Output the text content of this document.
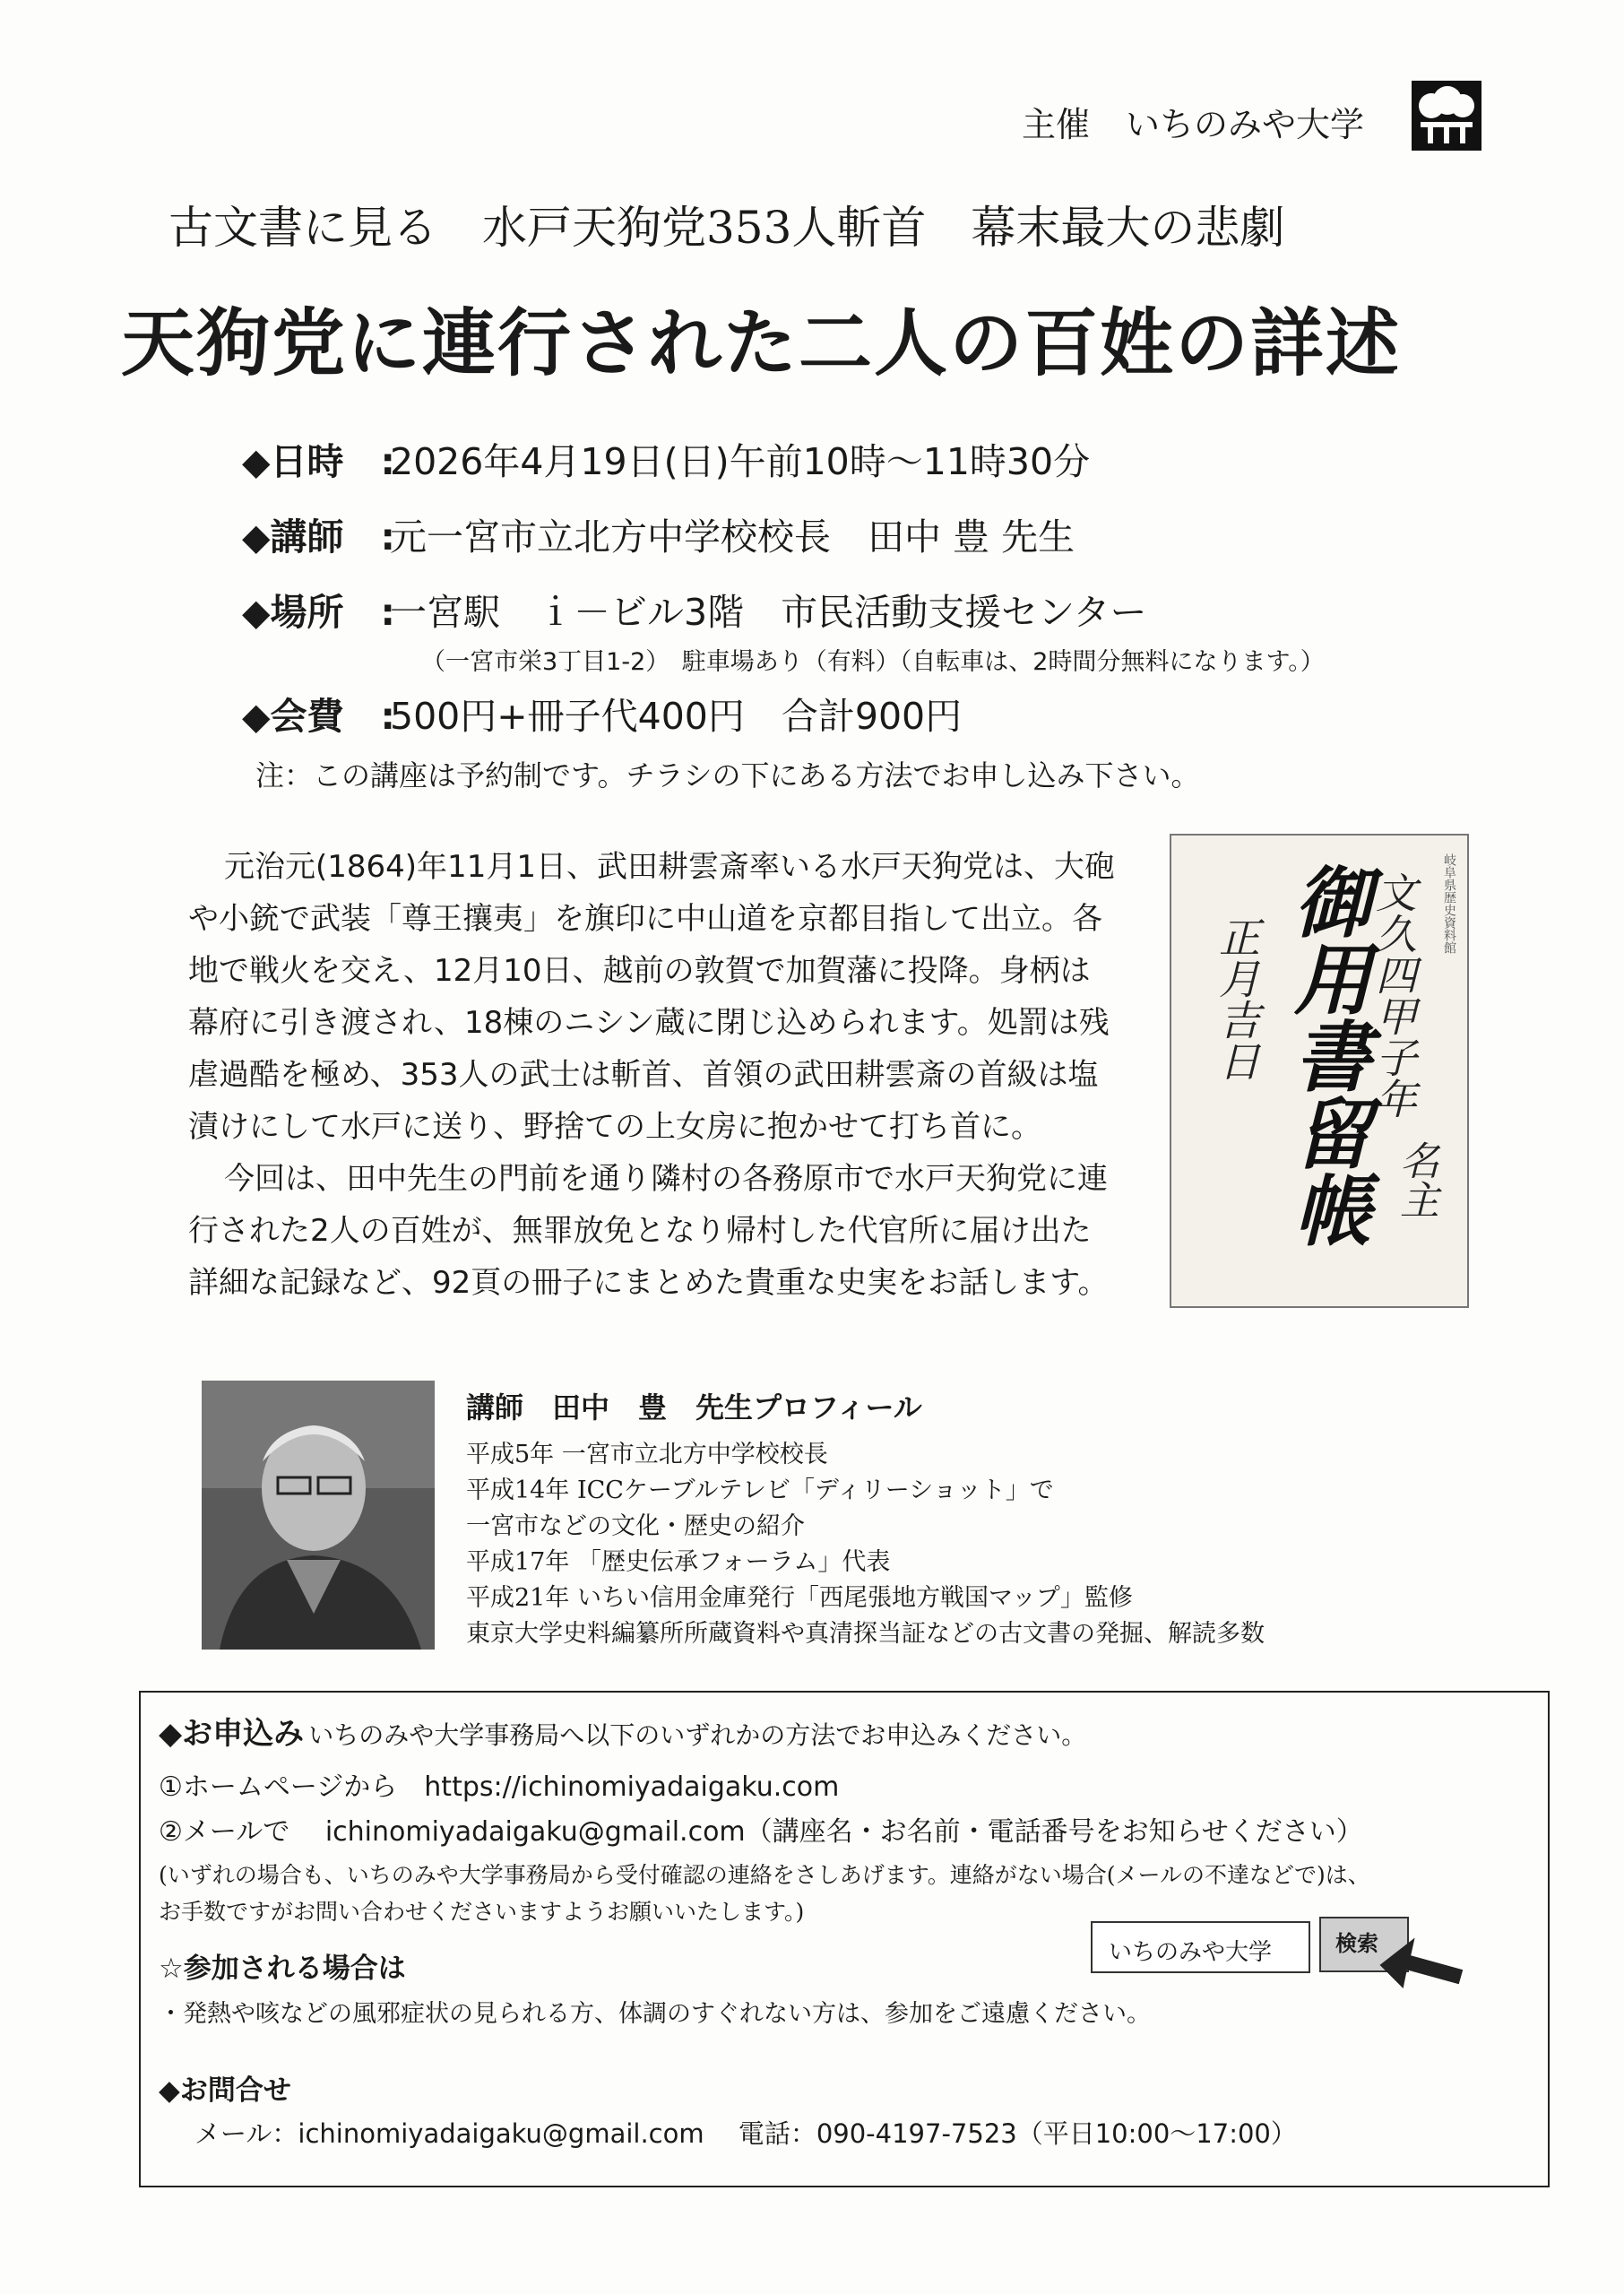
主催 いちのみや大学
古文書に見る　水戸天狗党353人斬首　幕末最大の悲劇
天狗党に連行された二人の百姓の詳述
◆日時　:2026年4月19日(日)午前10時～11時30分
◆講師　:元一宮市立北方中学校校長　田中 豊 先生
◆場所　:一宮駅　ｉ－ビル3階　市民活動支援センター
（一宮市栄3丁目1-2）　駐車場あり（有料）（自転車は、2時間分無料になります。）
◆会費　:500円+冊子代400円　合計900円
注：この講座は予約制です。チラシの下にある方法でお申し込み下さい。
元治元(1864)年11月1日、武田耕雲斎率いる水戸天狗党は、大砲
や小銃で武装「尊王攘夷」を旗印に中山道を京都目指して出立。各
地で戦火を交え、12月10日、越前の敦賀で加賀藩に投降。身柄は
幕府に引き渡され、18棟のニシン蔵に閉じ込められます。処罰は残
虐過酷を極め、353人の武士は斬首、首領の武田耕雲斎の首級は塩
漬けにして水戸に送り、野捨ての上女房に抱かせて打ち首に。
今回は、田中先生の門前を通り隣村の各務原市で水戸天狗党に連
行された2人の百姓が、無罪放免となり帰村した代官所に届け出た
詳細な記録など、92頁の冊子にまとめた貴重な史実をお話します。
岐阜県歴史資料館
文久四甲子年
御用書留帳
正月吉日
名主
講師　田中　豊　先生プロフィール
平成5年 一宮市立北方中学校校長
平成14年 ICCケーブルテレビ「ディリーショット」で
一宮市などの文化・歴史の紹介
平成17年 「歴史伝承フォーラム」代表
平成21年 いちい信用金庫発行「西尾張地方戦国マップ」監修
東京大学史料編纂所所蔵資料や真清探当証などの古文書の発掘、解読多数
◆お申込み いちのみや大学事務局へ以下のいずれかの方法でお申込みください。
①ホームページから　https://ichinomiyadaigaku.com
②メールで　 ichinomiyadaigaku@gmail.com（講座名・お名前・電話番号をお知らせください）
(いずれの場合も、いちのみや大学事務局から受付確認の連絡をさしあげます。連絡がない場合(メールの不達などで)は、
お手数ですがお問い合わせくださいますようお願いいたします。)
いちのみや大学	検索
☆参加される場合は
・発熱や咳などの風邪症状の見られる方、体調のすぐれない方は、参加をご遠慮ください。
◆お問合せ
メール：ichinomiyadaigaku@gmail.com　 電話：090-4197-7523（平日10:00～17:00）
